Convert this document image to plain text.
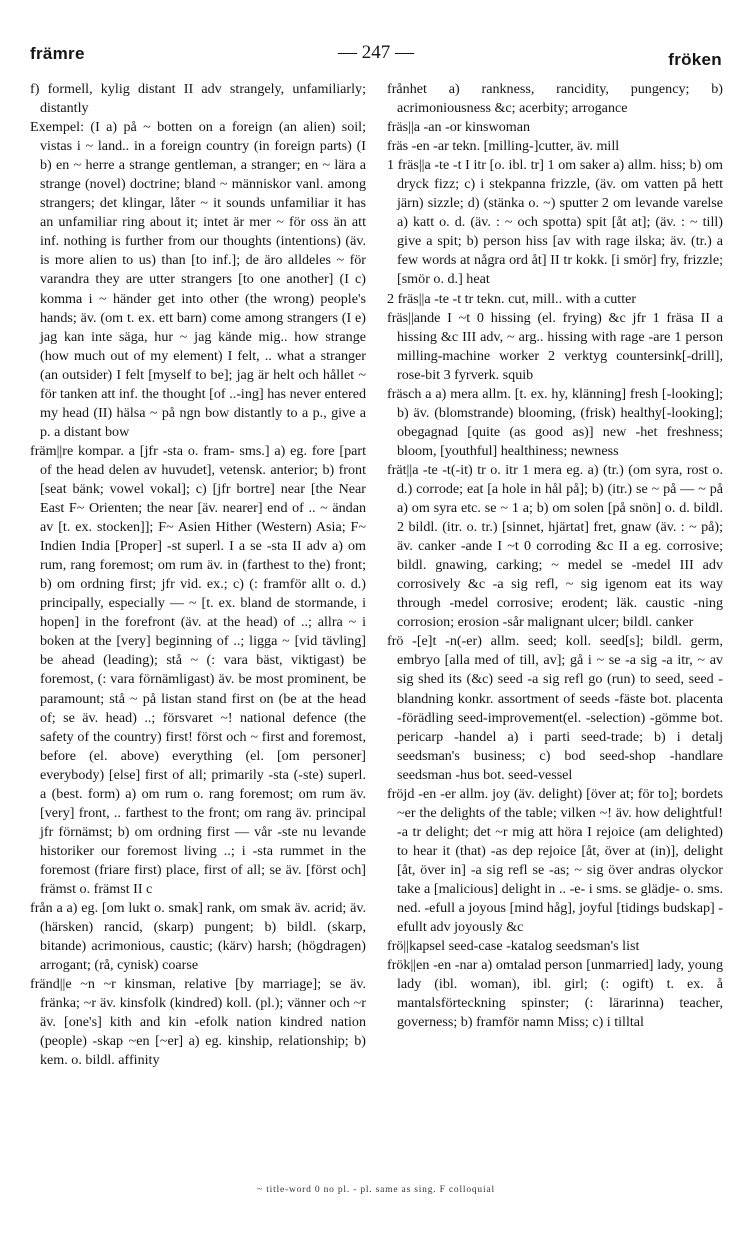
främre	— 247 —	fröken

f) formell, kylig distant II adv strangely, unfamiliarly; distantly

Exempel: (I a) på ~ botten on a foreign (an alien) soil; vistas i ~ land.. in a foreign country (in foreign parts) (I b) en ~ herre a strange gentleman, a stranger; en ~ lära a strange (novel) doctrine; bland ~ människor vanl. among strangers; det klingar, låter ~ it sounds unfamiliar it has an unfamiliar ring about it; intet är mer ~ för oss än att inf. nothing is further from our thoughts (intentions) (äv. is more alien to us) than [to inf.]; de äro alldeles ~ för varandra they are utter strangers [to one another] (I c) komma i ~ händer get into other (the wrong) people's hands; äv. (om t. ex. ett barn) come among strangers (I e) jag kan inte säga, hur ~ jag kände mig.. how strange (how much out of my element) I felt, .. what a stranger (an outsider) I felt [myself to be]; jag är helt och hållet ~ för tanken att inf. the thought [of ..-ing] has never entered my head (II) hälsa ~ på ngn bow distantly to a p., give a p. a distant bow

främ||re kompar. a [jfr -sta o. fram- sms.] a) eg. fore [part of the head delen av huvudet], vetensk. anterior; b) front [seat bänk; vowel vokal]; c) [jfr bortre] near [the Near East F~ Orienten; the near [äv. nearer] end of .. ~ ändan av [t. ex. stocken]]; F~ Asien Hither (Western) Asia; F~ Indien India [Proper] -st superl. I a se -sta II adv a) om rum, rang foremost; om rum äv. in (farthest to the) front; b) om ordning first; jfr vid. ex.; c) (: framför allt o. d.) principally, especially — ~ [t. ex. bland de stormande, i hopen] in the forefront (äv. at the head) of ..; allra ~ i boken at the [very] beginning of ..; ligga ~ [vid tävling] be ahead (leading); stå ~ (: vara bäst, viktigast) be foremost, (: vara förnämligast) äv. be most prominent, be paramount; stå ~ på listan stand first on (be at the head of; se äv. head) ..; försvaret ~! national defence (the safety of the country) first! först och ~ first and foremost, before (el. above) everything (el. [om personer] everybody) [else] first of all; primarily -sta (-ste) superl. a (best. form) a) om rum o. rang foremost; om rum äv. [very] front, .. farthest to the front; om rang äv. principal jfr förnämst; b) om ordning first — vår -ste nu levande historiker our foremost living ..; i -sta rummet in the foremost (friare first) place, first of all; se äv. [först och] främst o. främst II c

från a a) eg. [om lukt o. smak] rank, om smak äv. acrid; äv. (härsken) rancid, (skarp) pungent; b) bildl. (skarp, bitande) acrimonious, caustic; (kärv) harsh; (högdragen) arrogant; (rå, cynisk) coarse

fränd||e ~n ~r kinsman, relative [by marriage]; se äv. fränka; ~r äv. kinsfolk (kindred) koll. (pl.); vänner och ~r äv. [one's] kith and kin -efolk nation kindred nation (people) -skap ~en [~er] a) eg. kinship, relationship; b) kem. o. bildl. affinity

frånhet a) rankness, rancidity, pungency; b) acrimoniousness &c; acerbity; arrogance

fräs||a -an -or kinswoman

fräs -en -ar tekn. [milling-]cutter, äv. mill

1 fräs||a -te -t I itr [o. ibl. tr] 1 om saker a) allm. hiss; b) om dryck fizz; c) i stekpanna frizzle, (äv. om vatten på hett järn) sizzle; d) (stänka o. ~) sputter 2 om levande varelse a) katt o. d. (äv. : ~ och spotta) spit [åt at]; (äv. : ~ till) give a spit; b) person hiss [av with rage ilska; äv. (tr.) a few words at några ord åt] II tr kokk. [i smör] fry, frizzle; [smör o. d.] heat

2 fräs||a -te -t tr tekn. cut, mill.. with a cutter

fräs||ande I ~t 0 hissing (el. frying) &c jfr 1 fräsa II a hissing &c III adv, ~ arg.. hissing with rage -are 1 person milling-machine worker 2 verktyg countersink[-drill], rose-bit 3 fyrverk. squib

fräsch a a) mera allm. [t. ex. hy, klänning] fresh [-looking]; b) äv. (blomstrande) blooming, (frisk) healthy[-looking]; obegagnad [quite (as good as)] new -het freshness; bloom, [youthful] healthiness; newness

frät||a -te -t(-it) tr o. itr 1 mera eg. a) (tr.) (om syra, rost o. d.) corrode; eat [a hole in hål på]; b) (itr.) se ~ på — ~ på a) om syra etc. se ~ 1 a; b) om solen [på snön] o. d. bildl. 2 bildl. (itr. o. tr.) [sinnet, hjärtat] fret, gnaw (äv. : ~ på); äv. canker -ande I ~t 0 corroding &c II a eg. corrosive; bildl. gnawing, carking; ~ medel se -medel III adv corrosively &c -a sig refl, ~ sig igenom eat its way through -medel corrosive; erodent; läk. caustic -ning corrosion; erosion -sår malignant ulcer; bildl. canker

frö -[e]t -n(-er) allm. seed; koll. seed[s]; bildl. germ, embryo [alla med of till, av]; gå i ~ se -a sig -a itr, ~ av sig shed its (&c) seed -a sig refl go (run) to seed, seed -blandning konkr. assortment of seeds -fäste bot. placenta -förädling seed-improvement(el. -selection) -gömme bot. pericarp -handel a) i parti seed-trade; b) i detalj seedsman's business; c) bod seed-shop -handlare seedsman -hus bot. seed-vessel

fröjd -en -er allm. joy (äv. delight) [över at; för to]; bordets ~er the delights of the table; vilken ~! äv. how delightful! -a tr delight; det ~r mig att höra I rejoice (am delighted) to hear it (that) -as dep rejoice [åt, över at (in)], delight [åt, över in] -a sig refl se -as; ~ sig över andras olyckor take a [malicious] delight in .. -e- i sms. se glädje- o. sms. ned. -efull a joyous [mind håg], joyful [tidings budskap] -efullt adv joyously &c

frö||kapsel seed-case -katalog seedsman's list

frök||en -en -nar a) omtalad person [unmarried] lady, young lady (ibl. woman), ibl. girl; (: ogift) t. ex. å mantalsförteckning spinster; (: lärarinna) teacher, governess; b) framför namn Miss; c) i tilltal

~ title-word 0 no pl. - pl. same as sing. F colloquial
